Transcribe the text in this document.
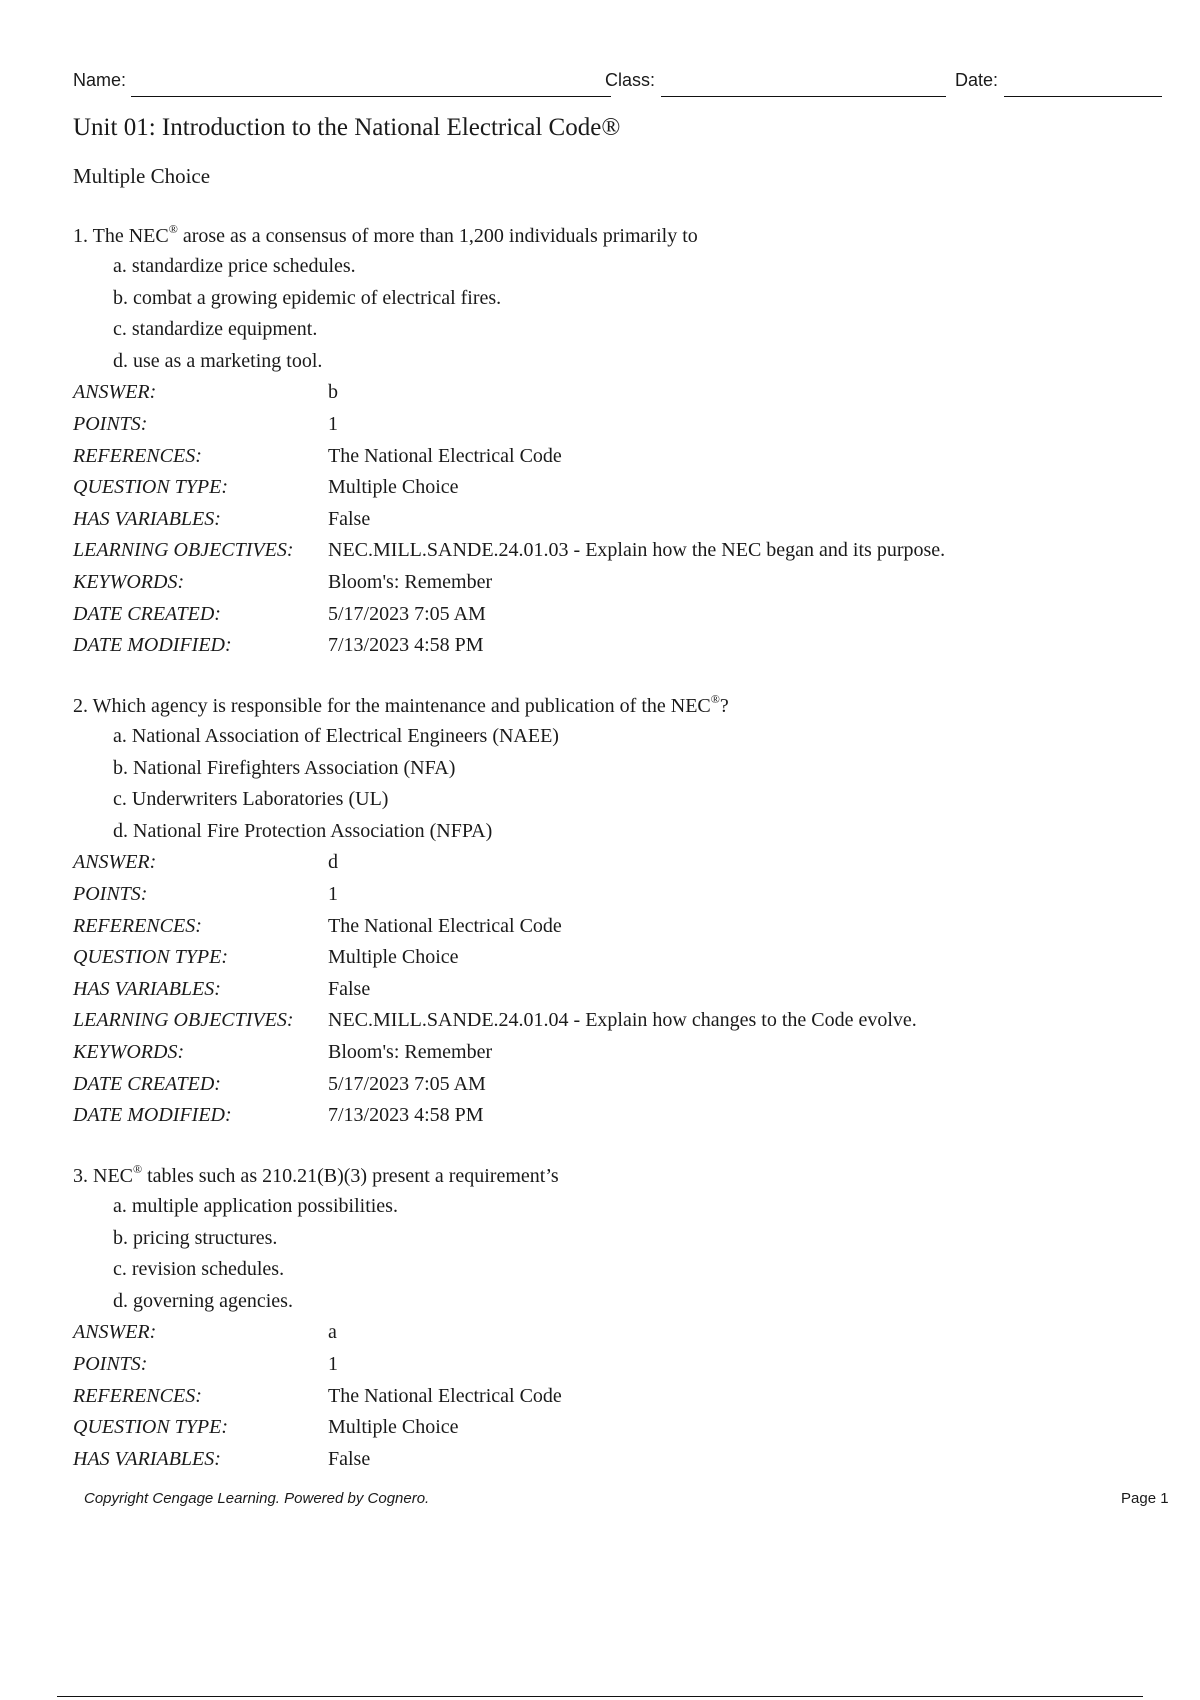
Name:	Class:	Date:
Unit 01: Introduction to the National Electrical Code®
Multiple Choice
1. The NEC® arose as a consensus of more than 1,200 individuals primarily to
a. standardize price schedules.
b. combat a growing epidemic of electrical fires.
c. standardize equipment.
d. use as a marketing tool.
ANSWER:	b
POINTS:	1
REFERENCES:	The National Electrical Code
QUESTION TYPE:	Multiple Choice
HAS VARIABLES:	False
LEARNING OBJECTIVES: NEC.MILL.SANDE.24.01.03 - Explain how the NEC began and its purpose.
KEYWORDS:	Bloom's: Remember
DATE CREATED:	5/17/2023 7:05 AM
DATE MODIFIED:	7/13/2023 4:58 PM
2. Which agency is responsible for the maintenance and publication of the NEC®?
a. National Association of Electrical Engineers (NAEE)
b. National Firefighters Association (NFA)
c. Underwriters Laboratories (UL)
d. National Fire Protection Association (NFPA)
ANSWER:	d
POINTS:	1
REFERENCES:	The National Electrical Code
QUESTION TYPE:	Multiple Choice
HAS VARIABLES:	False
LEARNING OBJECTIVES: NEC.MILL.SANDE.24.01.04 - Explain how changes to the Code evolve.
KEYWORDS:	Bloom's: Remember
DATE CREATED:	5/17/2023 7:05 AM
DATE MODIFIED:	7/13/2023 4:58 PM
3. NEC® tables such as 210.21(B)(3) present a requirement’s
a. multiple application possibilities.
b. pricing structures.
c. revision schedules.
d. governing agencies.
ANSWER:	a
POINTS:	1
REFERENCES:	The National Electrical Code
QUESTION TYPE:	Multiple Choice
HAS VARIABLES:	False
Copyright Cengage Learning. Powered by Cognero.	Page 1
